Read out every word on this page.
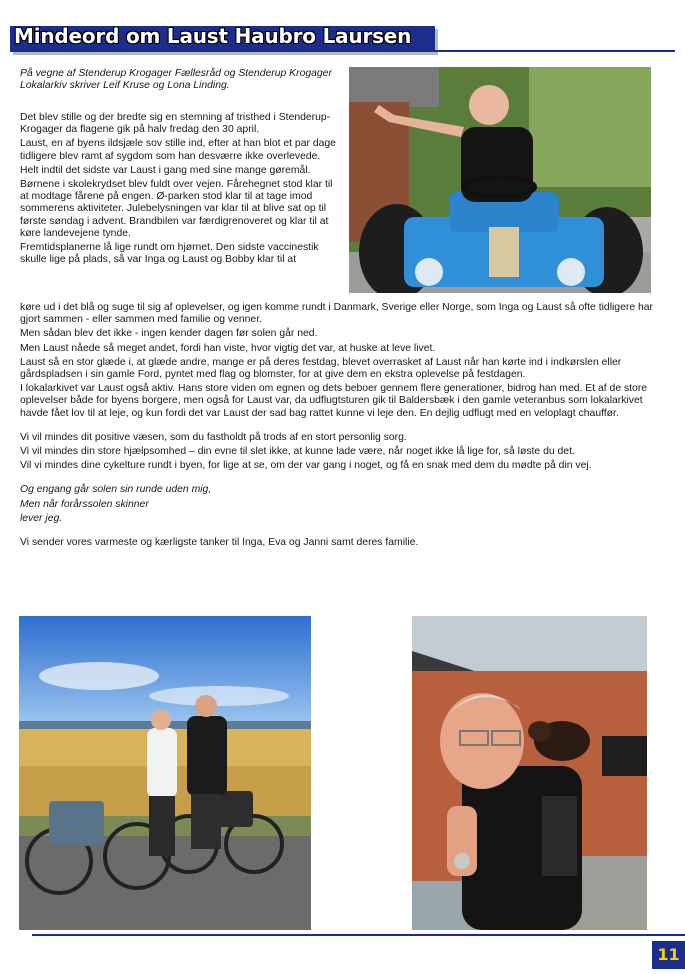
Mindeord om Laust Haubro Laursen
På vegne af Stenderup Krogager Fællesråd og Stenderup Krogager Lokalarkiv skriver Leif Kruse og Lona Linding.

Det blev stille og der bredte sig en stemning af tristhed i Stenderup-Krogager da flagene gik på halv fredag den 30 april.

Laust, en af byens ildsjæle sov stille ind, efter at han blot et par dage tidligere blev ramt af sygdom som han desværre ikke overlevede.

Helt indtil det sidste var Laust i gang med sine mange gøremål.

Børnene i skolekrydset blev fuldt over vejen. Fårehegnet stod klar til at modtage fårene på engen. Ø-parken stod klar til at tage imod sommerens aktiviteter. Julebelysningen var klar til at blive sat op til første søndag i advent. Brandbilen var færdigrenoveret og klar til at køre landevejene tynde.

Fremtidsplanerne lå lige rundt om hjørnet. Den sidste vaccinestik skulle lige på plads, så var Inga og Laust og Bobby klar til at

køre ud i det blå og suge til sig af oplevelser, og igen komme rundt i Danmark, Sverige eller Norge, som Inga og Laust så ofte tidligere har gjort sammen - eller sammen med familie og venner.

Men sådan blev det ikke - ingen kender dagen før solen går ned.

Men Laust nåede så meget andet, fordi han viste, hvor vigtig det var, at huske at leve livet.

Laust så en stor glæde i, at glæde andre, mange er på deres festdag, blevet overrasket af Laust når han kørte ind i indkørslen eller gårdspladsen i sin gamle Ford, pyntet med flag og blomster, for at give dem en ekstra oplevelse på festdagen.

I lokalarkivet var Laust også aktiv. Hans store viden om egnen og dets beboer gennem flere generationer, bidrog han med. Et af de store oplevelser både for byens borgere, men også for Laust var, da udflugtsturen gik til Baldersbæk i den gamle veteranbus som lokalarkivet havde fået lov til at leje, og kun fordi det var Laust der sad bag rattet kunne vi leje den. En dejlig udflugt med en veloplagt chauffør.

Vi vil mindes dit positive væsen, som du fastholdt på trods af en stort personlig sorg.

Vi vil mindes din store hjælpsomhed – din evne til slet ikke, at kunne lade være, når noget ikke lå lige for, så løste du det.

Vil vi mindes dine cykelture rundt i byen, for lige at se, om der var gang i noget, og få en snak med dem du mødte på din vej.

Og engang går solen sin runde uden mig,

Men når forårssolen skinner

lever jeg.

Vi sender vores varmeste og kærligste tanker til Inga, Eva og Janni samt deres familie.

11
